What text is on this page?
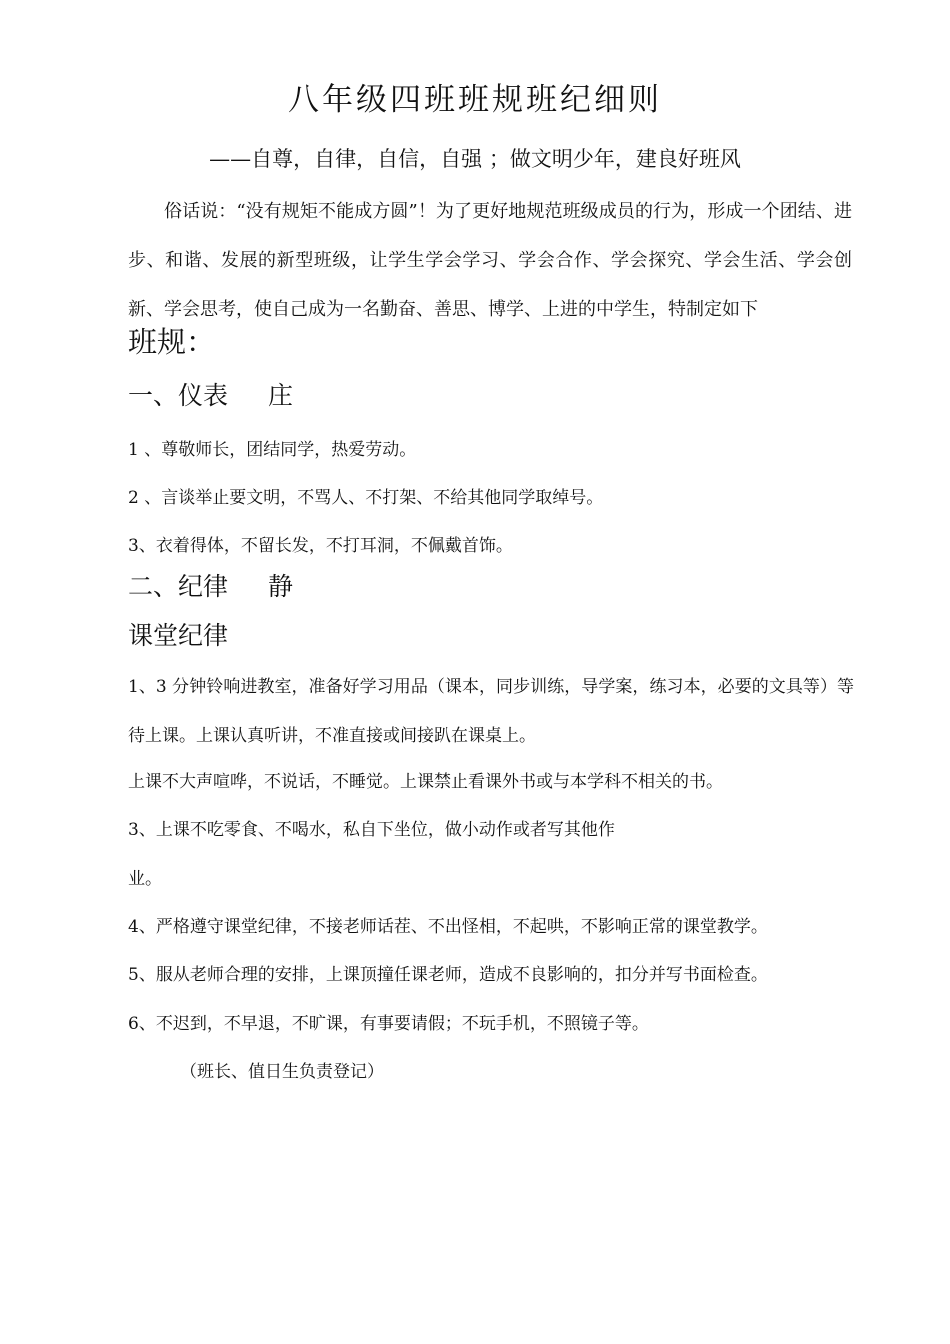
八年级四班班规班纪细则
——自尊，自律，自信，自强 ；做文明少年，建良好班风
俗话说：“没有规矩不能成方圆”！为了更好地规范班级成员的行为，形成一个团结、进步、和谐、发展的新型班级，让学生学会学习、学会合作、学会探究、学会生活、学会创新、学会思考，使自己成为一名勤奋、善思、博学、上进的中学生，特制定如下
班规：
一、仪表 庄
1 、尊敬师长，团结同学，热爱劳动。
2 、言谈举止要文明，不骂人、不打架、不给其他同学取绰号。
3、衣着得体，不留长发，不打耳洞，不佩戴首饰。
二、纪律 静
课堂纪律
1、3 分钟铃响进教室，准备好学习用品（课本，同步训练，导学案，练习本，必要的文具等）等待上课。上课认真听讲，不准直接或间接趴在课桌上。
上课不大声喧哗，不说话，不睡觉。上课禁止看课外书或与本学科不相关的书。
3、上课不吃零食、不喝水，私自下坐位，做小动作或者写其他作
业。
4、严格遵守课堂纪律，不接老师话茬、不出怪相，不起哄，不影响正常的课堂教学。
5、服从老师合理的安排，上课顶撞任课老师，造成不良影响的，扣分并写书面检查。
6、不迟到，不早退，不旷课，有事要请假；不玩手机，不照镜子等。
（班长、值日生负责登记）
